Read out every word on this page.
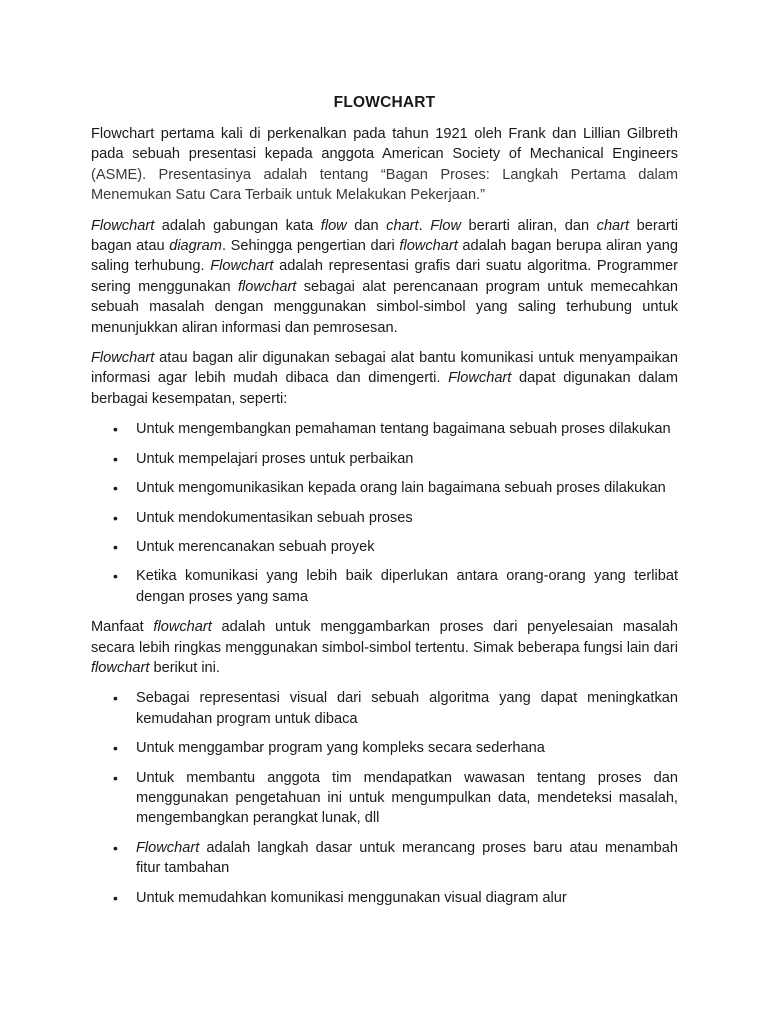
FLOWCHART

Flowchart pertama kali di perkenalkan pada tahun 1921 oleh Frank dan Lillian Gilbreth pada sebuah presentasi kepada anggota American Society of Mechanical Engineers (ASME). Presentasinya adalah tentang “Bagan Proses: Langkah Pertama dalam Menemukan Satu Cara Terbaik untuk Melakukan Pekerjaan.”

Flowchart adalah gabungan kata flow dan chart. Flow berarti aliran, dan chart berarti bagan atau diagram. Sehingga pengertian dari flowchart adalah bagan berupa aliran yang saling terhubung. Flowchart adalah representasi grafis dari suatu algoritma. Programmer sering menggunakan flowchart sebagai alat perencanaan program untuk memecahkan sebuah masalah dengan menggunakan simbol-simbol yang saling terhubung untuk menunjukkan aliran informasi dan pemrosesan.

Flowchart atau bagan alir digunakan sebagai alat bantu komunikasi untuk menyampaikan informasi agar lebih mudah dibaca dan dimengerti. Flowchart dapat digunakan dalam berbagai kesempatan, seperti:

• Untuk mengembangkan pemahaman tentang bagaimana sebuah proses dilakukan
• Untuk mempelajari proses untuk perbaikan
• Untuk mengomunikasikan kepada orang lain bagaimana sebuah proses dilakukan
• Untuk mendokumentasikan sebuah proses
• Untuk merencanakan sebuah proyek
• Ketika komunikasi yang lebih baik diperlukan antara orang-orang yang terlibat dengan proses yang sama

Manfaat flowchart adalah untuk menggambarkan proses dari penyelesaian masalah secara lebih ringkas menggunakan simbol-simbol tertentu. Simak beberapa fungsi lain dari flowchart berikut ini.

• Sebagai representasi visual dari sebuah algoritma yang dapat meningkatkan kemudahan program untuk dibaca
• Untuk menggambar program yang kompleks secara sederhana
• Untuk membantu anggota tim mendapatkan wawasan tentang proses dan menggunakan pengetahuan ini untuk mengumpulkan data, mendeteksi masalah, mengembangkan perangkat lunak, dll
• Flowchart adalah langkah dasar untuk merancang proses baru atau menambah fitur tambahan
• Untuk memudahkan komunikasi menggunakan visual diagram alur
